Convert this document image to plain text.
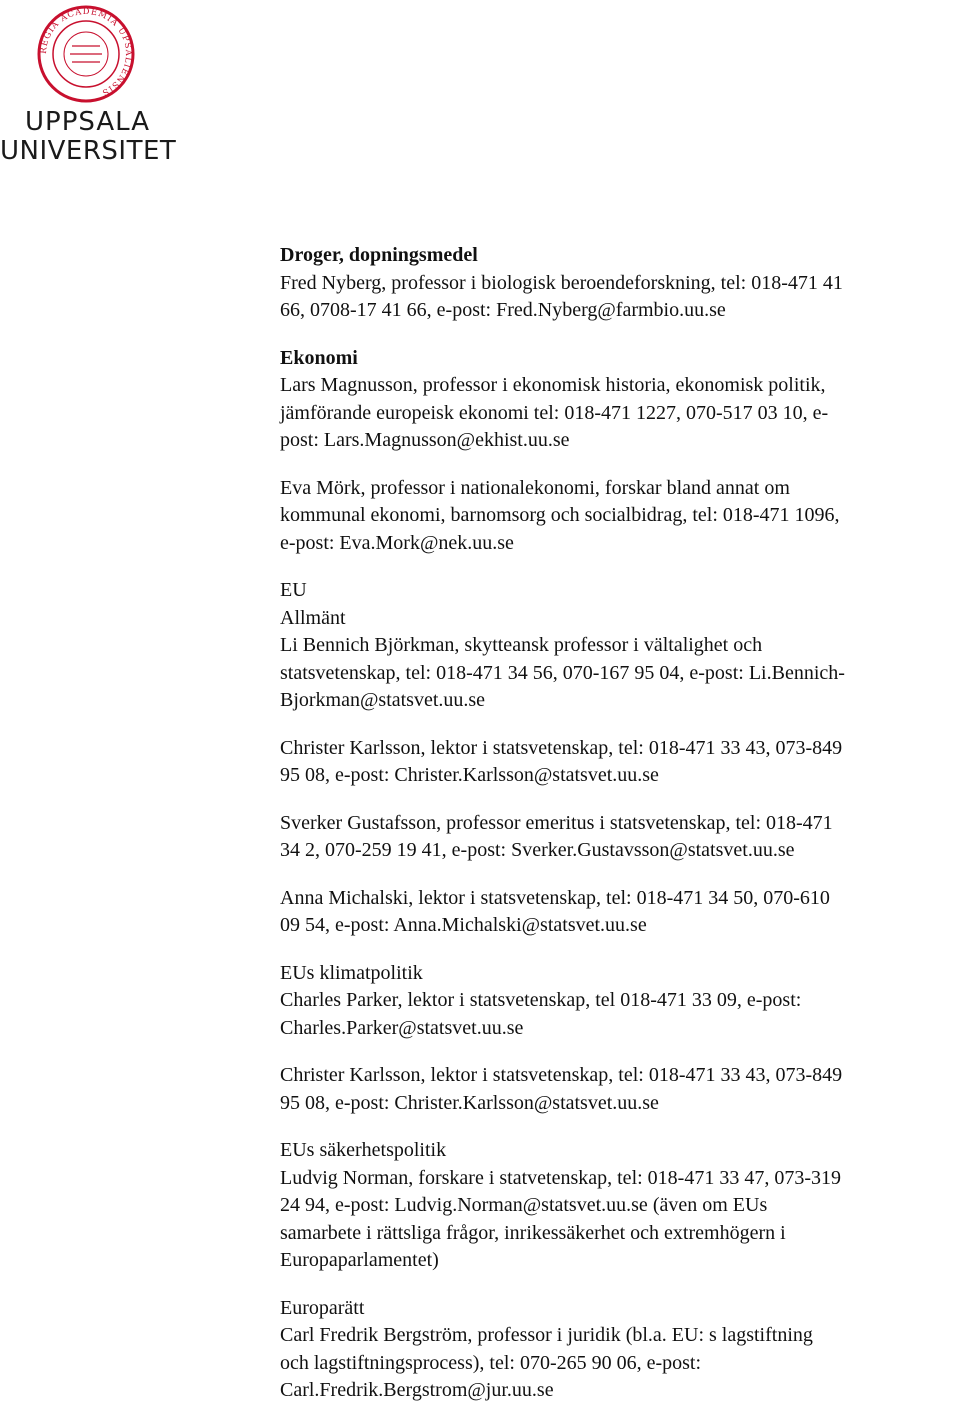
REGIA ACADEMIA UPSALIENSIS
UPPSALA
UNIVERSITET
Droger, dopningsmedel
Fred Nyberg, professor i biologisk beroendeforskning, tel: 018-471 41
66, 0708-17 41 66, e-post: Fred.Nyberg@farmbio.uu.se
Ekonomi
Lars Magnusson, professor i ekonomisk historia, ekonomisk politik,
jämförande europeisk ekonomi tel: 018-471 1227, 070-517 03 10, e-
post: Lars.Magnusson@ekhist.uu.se
Eva Mörk, professor i nationalekonomi, forskar bland annat om
kommunal ekonomi, barnomsorg och socialbidrag, tel: 018-471 1096,
e-post: Eva.Mork@nek.uu.se
EU
Allmänt
Li Bennich Björkman, skytteansk professor i vältalighet och
statsvetenskap, tel: 018-471 34 56, 070-167 95 04, e-post: Li.Bennich-
Bjorkman@statsvet.uu.se
Christer Karlsson, lektor i statsvetenskap, tel: 018-471 33 43, 073-849
95 08, e-post: Christer.Karlsson@statsvet.uu.se
Sverker Gustafsson, professor emeritus i statsvetenskap, tel: 018-471
34 2, 070-259 19 41, e-post: Sverker.Gustavsson@statsvet.uu.se
Anna Michalski, lektor i statsvetenskap, tel: 018-471 34 50, 070-610
09 54, e-post: Anna.Michalski@statsvet.uu.se
EUs klimatpolitik
Charles Parker, lektor i statsvetenskap, tel 018-471 33 09, e-post:
Charles.Parker@statsvet.uu.se
Christer Karlsson, lektor i statsvetenskap, tel: 018-471 33 43, 073-849
95 08, e-post: Christer.Karlsson@statsvet.uu.se
EUs säkerhetspolitik
Ludvig Norman, forskare i statvetenskap, tel: 018-471 33 47, 073-319
24 94, e-post: Ludvig.Norman@statsvet.uu.se (även om EUs
samarbete i rättsliga frågor, inrikessäkerhet och extremhögern i
Europaparlamentet)
Europarätt
Carl Fredrik Bergström, professor i juridik (bl.a. EU: s lagstiftning
och lagstiftningsprocess), tel: 070-265 90 06, e-post:
Carl.Fredrik.Bergstrom@jur.uu.se
